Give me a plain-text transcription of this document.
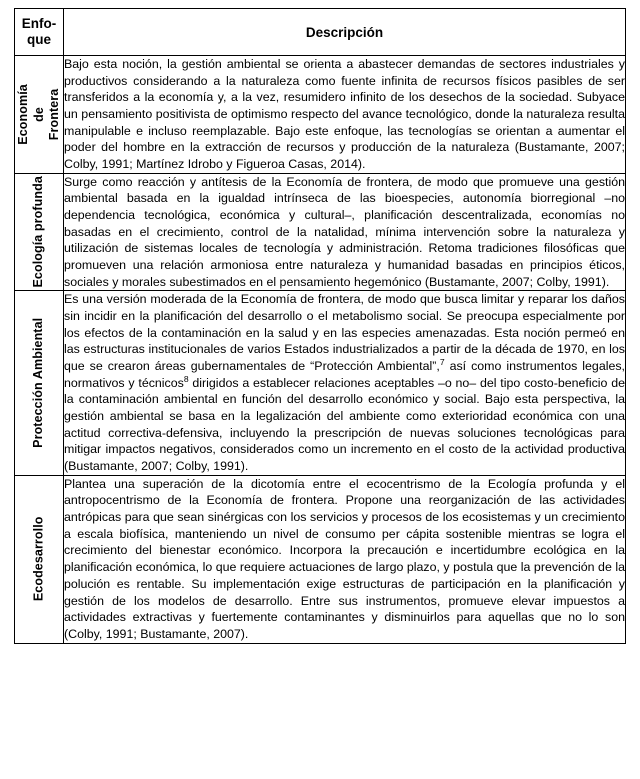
Enfo-
que	Descripción

Economía de Frontera	Bajo esta noción, la gestión ambiental se orienta a abastecer demandas de sectores industriales y productivos considerando a la naturaleza como fuente infinita de recursos físicos pasibles de ser transferidos a la economía y, a la vez, resumidero infinito de los desechos de la sociedad. Subyace un pensamiento positivista de optimismo respecto del avance tecnológico, donde la naturaleza resulta manipulable e incluso reemplazable. Bajo este enfoque, las tecnologías se orientan a aumentar el poder del hombre en la extracción de recursos y producción de la naturaleza (Bustamante, 2007; Colby, 1991; Martínez Idrobo y Figueroa Casas, 2014).

Ecología profunda	Surge como reacción y antítesis de la Economía de frontera, de modo que promueve una gestión ambiental basada en la igualdad intrínseca de las bioespecies, autonomía biorregional –no dependencia tecnológica, económica y cultural–, planificación descentralizada, economías no basadas en el crecimiento, control de la natalidad, mínima intervención sobre la naturaleza y utilización de sistemas locales de tecnología y administración. Retoma tradiciones filosóficas que promueven una relación armoniosa entre naturaleza y humanidad basadas en principios éticos, sociales y morales subestimados en el pensamiento hegemónico (Bustamante, 2007; Colby, 1991).

Protección Ambiental	Es una versión moderada de la Economía de frontera, de modo que busca limitar y reparar los daños sin incidir en la planificación del desarrollo o el metabolismo social. Se preocupa especialmente por los efectos de la contaminación en la salud y en las especies amenazadas. Esta noción permeó en las estructuras institucionales de varios Estados industrializados a partir de la década de 1970, en los que se crearon áreas gubernamentales de “Protección Ambiental”,$^7$ así como instrumentos legales, normativos y técnicos$^8$ dirigidos a establecer relaciones aceptables –o no– del tipo costo-beneficio de la contaminación ambiental en función del desarrollo económico y social. Bajo esta perspectiva, la gestión ambiental se basa en la legalización del ambiente como exterioridad económica con una actitud correctiva-defensiva, incluyendo la prescripción de nuevas soluciones tecnológicas para mitigar impactos negativos, considerados como un incremento en el costo de la actividad productiva (Bustamante, 2007; Colby, 1991).

Ecodesarrollo	Plantea una superación de la dicotomía entre el ecocentrismo de la Ecología profunda y el antropocentrismo de la Economía de frontera. Propone una reorganización de las actividades antrópicas para que sean sinérgicas con los servicios y procesos de los ecosistemas y un crecimiento a escala biofísica, manteniendo un nivel de consumo per cápita sostenible mientras se logra el crecimiento del bienestar económico. Incorpora la precaución e incertidumbre ecológica en la planificación económica, lo que requiere actuaciones de largo plazo, y postula que la prevención de la polución es rentable. Su implementación exige estructuras de participación en la planificación y gestión de los modelos de desarrollo. Entre sus instrumentos, promueve elevar impuestos a actividades extractivas y fuertemente contaminantes y disminuirlos para aquellas que no lo son (Colby, 1991; Bustamante, 2007).
